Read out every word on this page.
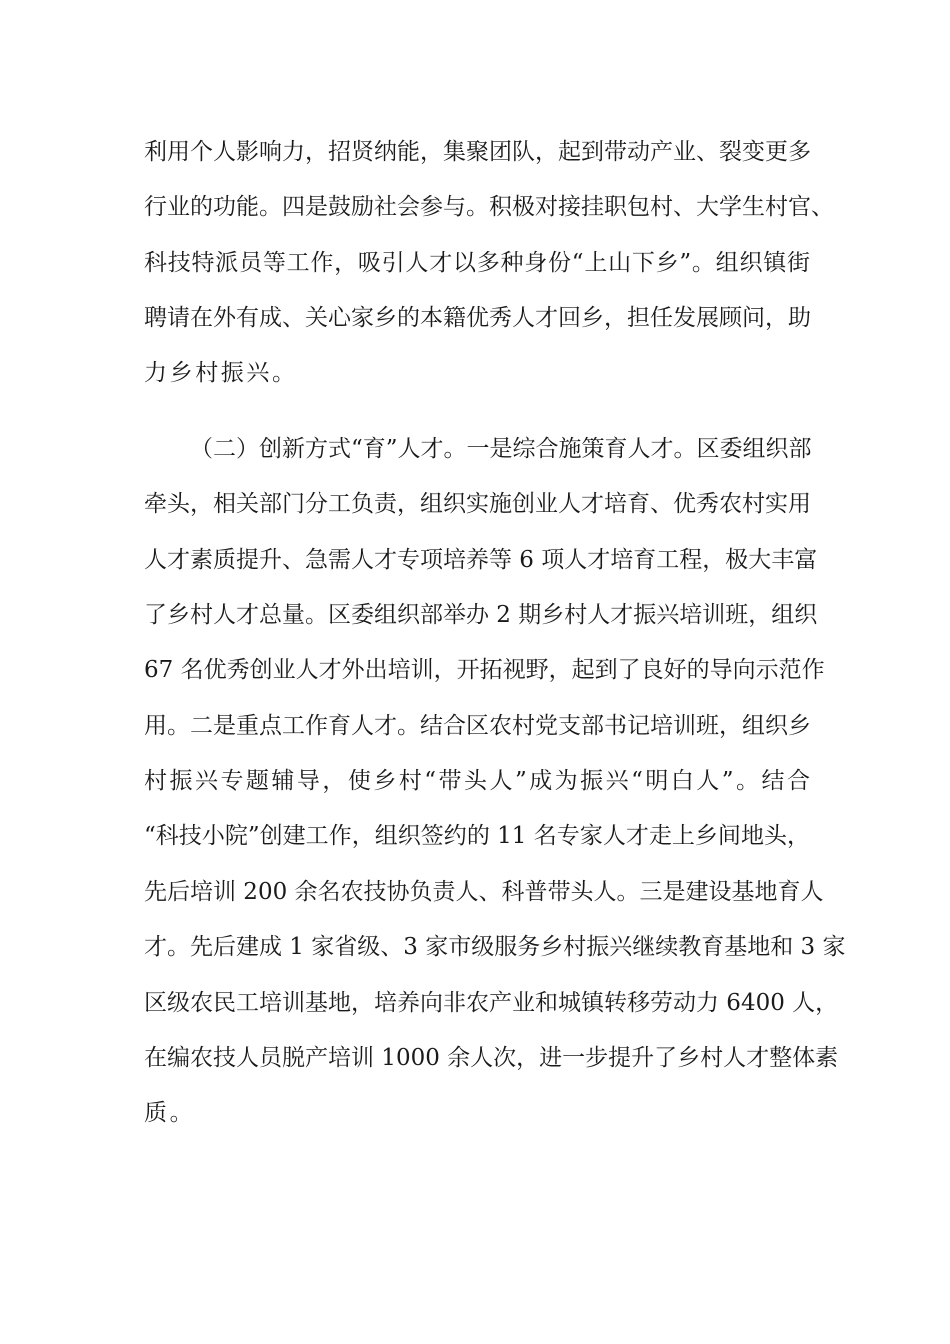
利用个人影响力，招贤纳能，集聚团队，起到带动产业、裂变更多
行业的功能。四是鼓励社会参与。积极对接挂职包村、大学生村官、
科技特派员等工作，吸引人才以多种身份“上山下乡”。组织镇街
聘请在外有成、关心家乡的本籍优秀人才回乡，担任发展顾问，助
力乡村振兴。
（二）创新方式“育”人才。一是综合施策育人才。区委组织部
牵头，相关部门分工负责，组织实施创业人才培育、优秀农村实用
人才素质提升、急需人才专项培养等 6 项人才培育工程，极大丰富
了乡村人才总量。区委组织部举办 2 期乡村人才振兴培训班，组织
67 名优秀创业人才外出培训，开拓视野，起到了良好的导向示范作
用。二是重点工作育人才。结合区农村党支部书记培训班，组织乡
村振兴专题辅导，使乡村“带头人”成为振兴“明白人”。结合
“科技小院”创建工作，组织签约的 11 名专家人才走上乡间地头，
先后培训 200 余名农技协负责人、科普带头人。三是建设基地育人
才。先后建成 1 家省级、3 家市级服务乡村振兴继续教育基地和 3 家
区级农民工培训基地，培养向非农产业和城镇转移劳动力 6400 人，
在编农技人员脱产培训 1000 余人次，进一步提升了乡村人才整体素
质。
